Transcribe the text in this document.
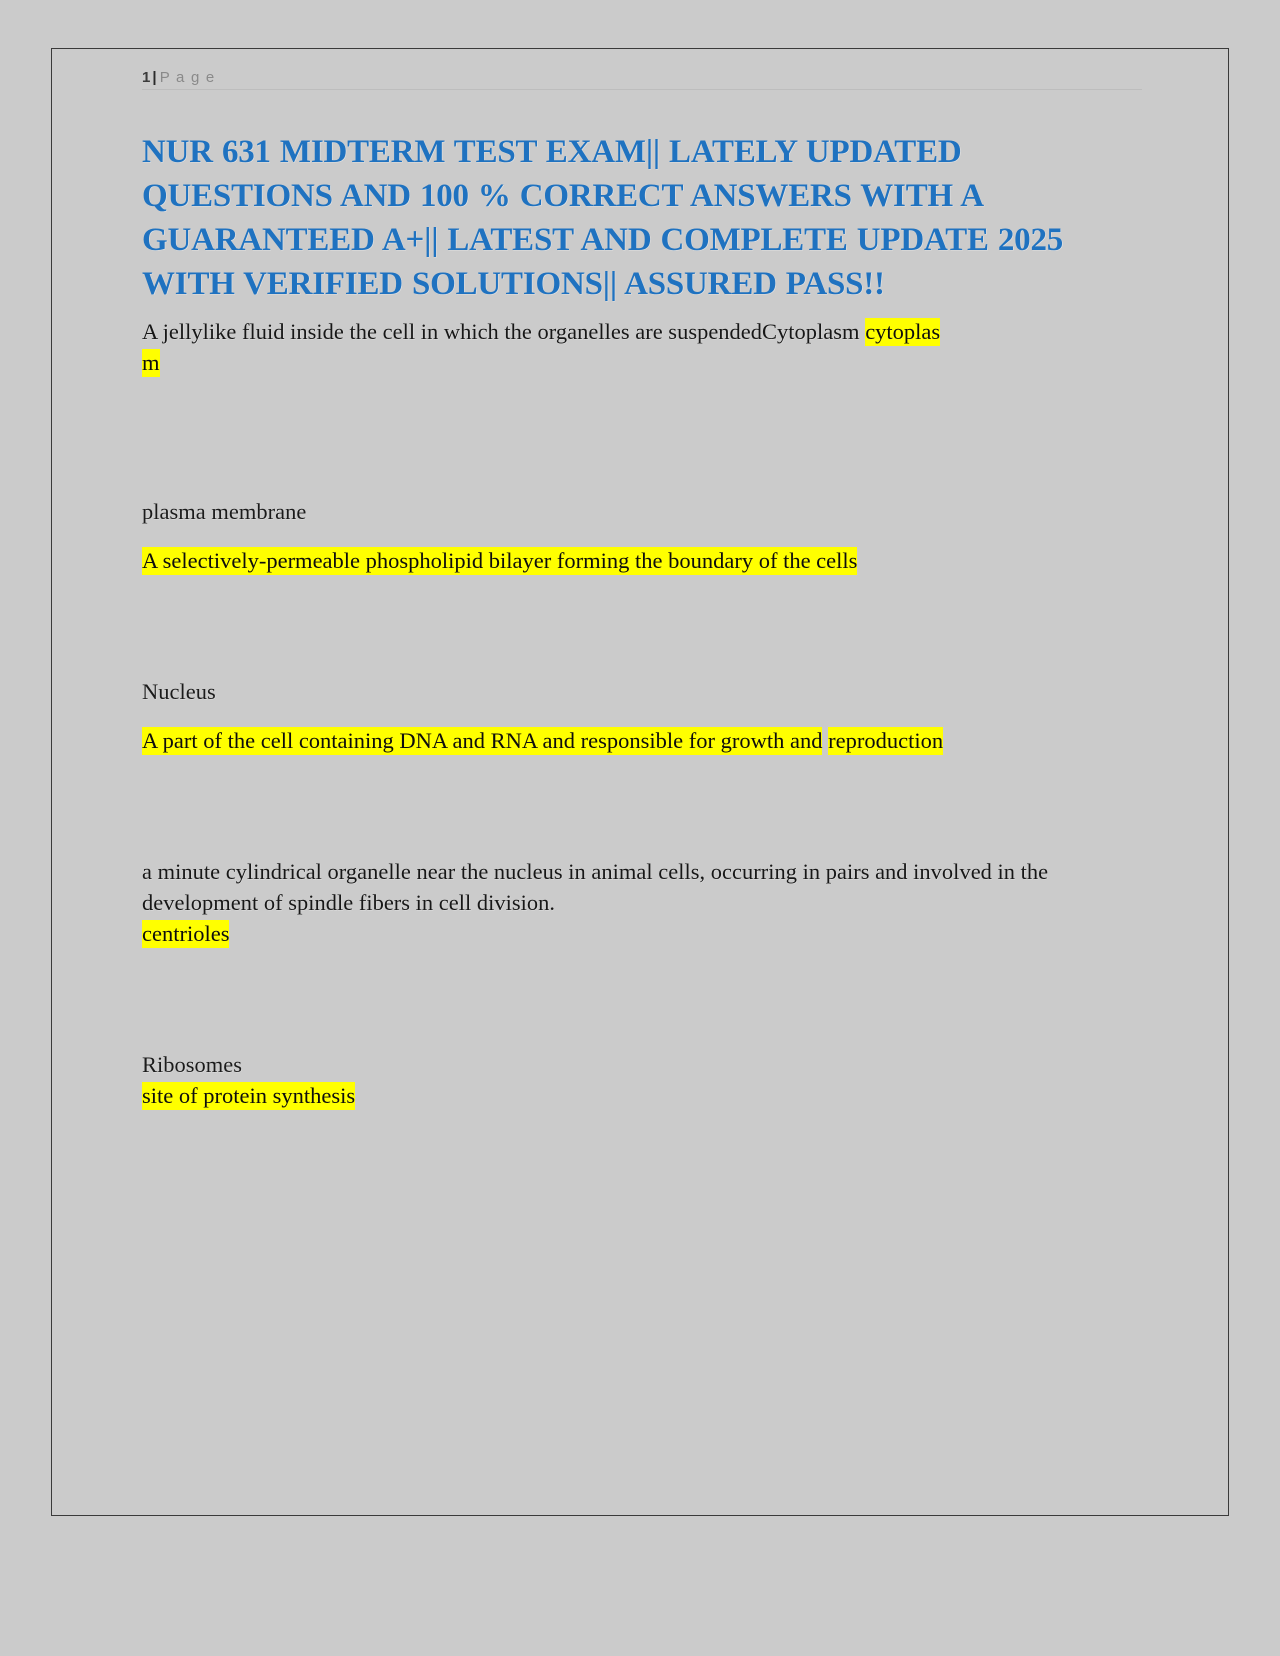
1 | P a g e
NUR 631 MIDTERM TEST EXAM|| LATELY UPDATED QUESTIONS AND 100 % CORRECT ANSWERS WITH A GUARANTEED A+|| LATEST AND COMPLETE UPDATE 2025 WITH VERIFIED SOLUTIONS|| ASSURED PASS!!
A jellylike fluid inside the cell in which the organelles are suspendedCytoplasm cytoplas
m
plasma membrane
A selectively-permeable phospholipid bilayer forming the boundary of the cells
Nucleus
A part of the cell containing DNA and RNA and responsible for growth and reproduction
a minute cylindrical organelle near the nucleus in animal cells, occurring in pairs and involved in the development of spindle fibers in cell division.
centrioles
Ribosomes
site of protein synthesis
